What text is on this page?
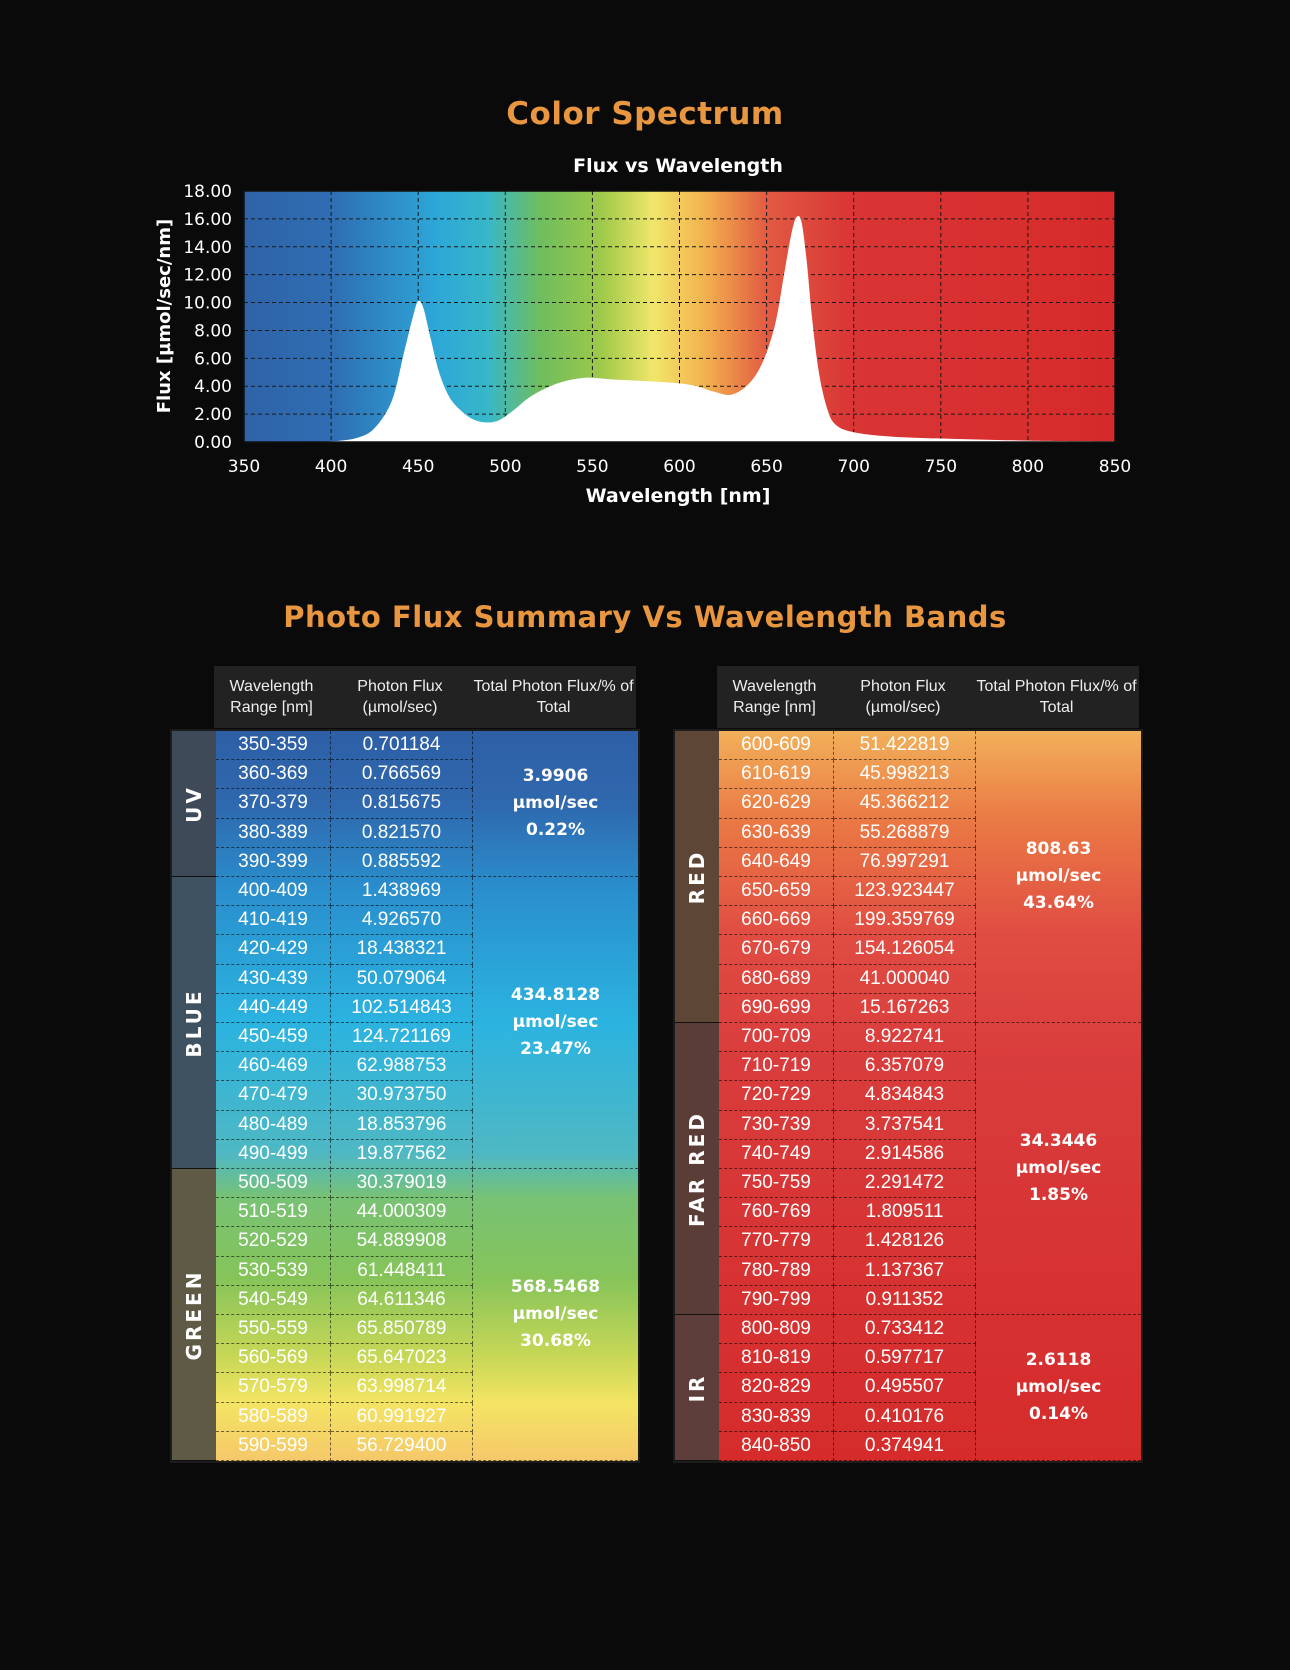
Color Spectrum
350	400	450	500	550	600	650	700	750	800	850
0.00
2.00
4.00
6.00
8.00
10.00
12.00
14.00
16.00
18.00
Flux vs Wavelength
Wavelength [nm]
Flux [µmol/sec/nm]
Photo Flux Summary Vs Wavelength Bands
Wavelength Range [nm]
Photon Flux (µmol/sec)
Total Photon Flux/% of Total
UV
350-359	0.701184
360-369	0.766569
370-379	0.815675
380-389	0.821570
390-399	0.885592
3.9906
µmol/sec
0.22%
BLUE
400-409	1.438969
410-419	4.926570
420-429	18.438321
430-439	50.079064
440-449	102.514843
450-459	124.721169
460-469	62.988753
470-479	30.973750
480-489	18.853796
490-499	19.877562
434.8128
µmol/sec
23.47%
GREEN
500-509	30.379019
510-519	44.000309
520-529	54.889908
530-539	61.448411
540-549	64.611346
550-559	65.850789
560-569	65.647023
570-579	63.998714
580-589	60.991927
590-599	56.729400
568.5468
µmol/sec
30.68%
Wavelength Range [nm]
Photon Flux (µmol/sec)
Total Photon Flux/% of Total
RED
600-609	51.422819
610-619	45.998213
620-629	45.366212
630-639	55.268879
640-649	76.997291
650-659	123.923447
660-669	199.359769
670-679	154.126054
680-689	41.000040
690-699	15.167263
808.63
µmol/sec
43.64%
FAR RED
700-709	8.922741
710-719	6.357079
720-729	4.834843
730-739	3.737541
740-749	2.914586
750-759	2.291472
760-769	1.809511
770-779	1.428126
780-789	1.137367
790-799	0.911352
34.3446
µmol/sec
1.85%
IR
800-809	0.733412
810-819	0.597717
820-829	0.495507
830-839	0.410176
840-850	0.374941
2.6118
µmol/sec
0.14%
